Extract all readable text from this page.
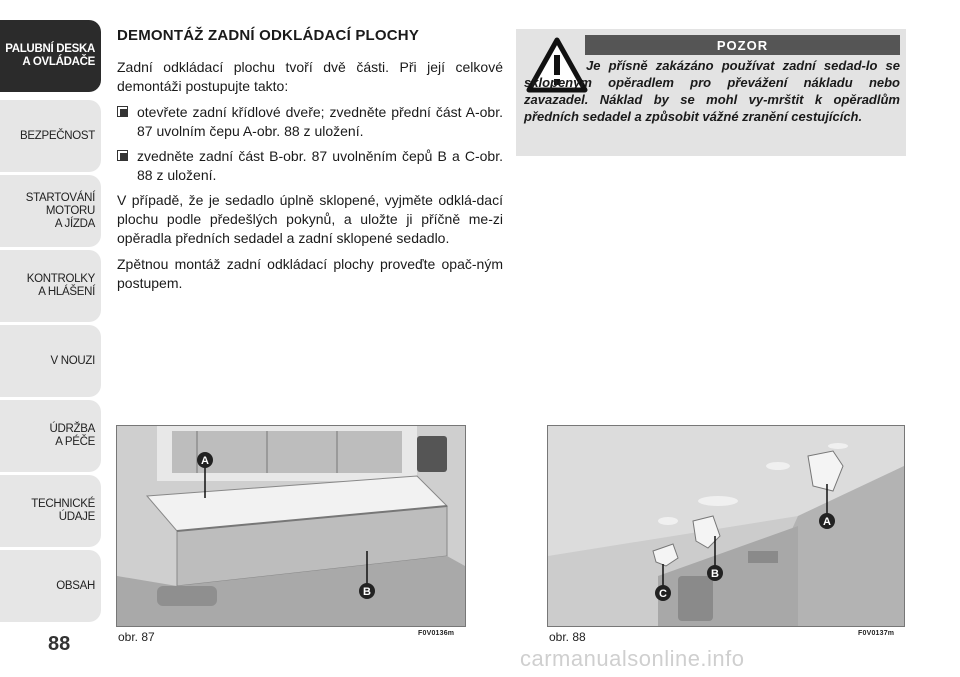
PALUBNÍ DESKA
A OVLÁDAČE
BEZPEČNOST
STARTOVÁNÍ
MOTORU
A JÍZDA
KONTROLKY
A HLÁŠENÍ
V NOUZI
ÚDRŽBA
A PÉČE
TECHNICKÉ
ÚDAJE
OBSAH
88
DEMONTÁŽ ZADNÍ ODKLÁDACÍ PLOCHY

Zadní odkládací plochu tvoří dvě části. Při její celkové demontáži postupujte takto:

otevřete zadní křídlové dveře; zvedněte přední část A-obr. 87 uvolním čepu A-obr. 88 z uložení.
zvedněte zadní část B-obr. 87 uvolněním čepů B a C-obr. 88 z uložení.

V případě, že je sedadlo úplně sklopené, vyjměte odklá-dací plochu podle předešlých pokynů, a uložte ji příčně me-zi opěradla předních sedadel a zadní sklopené sedadlo.

Zpětnou montáž zadní odkládací plochy proveďte opač-ným postupem.

POZOR
Je přísně zakázáno používat zadní sedad-lo se sklopeným opěradlem pro převážení nákladu nebo zavazadel. Náklad by se mohl vy-mrštit k opěradlům předních sedadel a způsobit vážné zranění cestujících.
A
B
obr. 87	F0V0136m
A
B
C
obr. 88	F0V0137m
carmanualsonline.info
